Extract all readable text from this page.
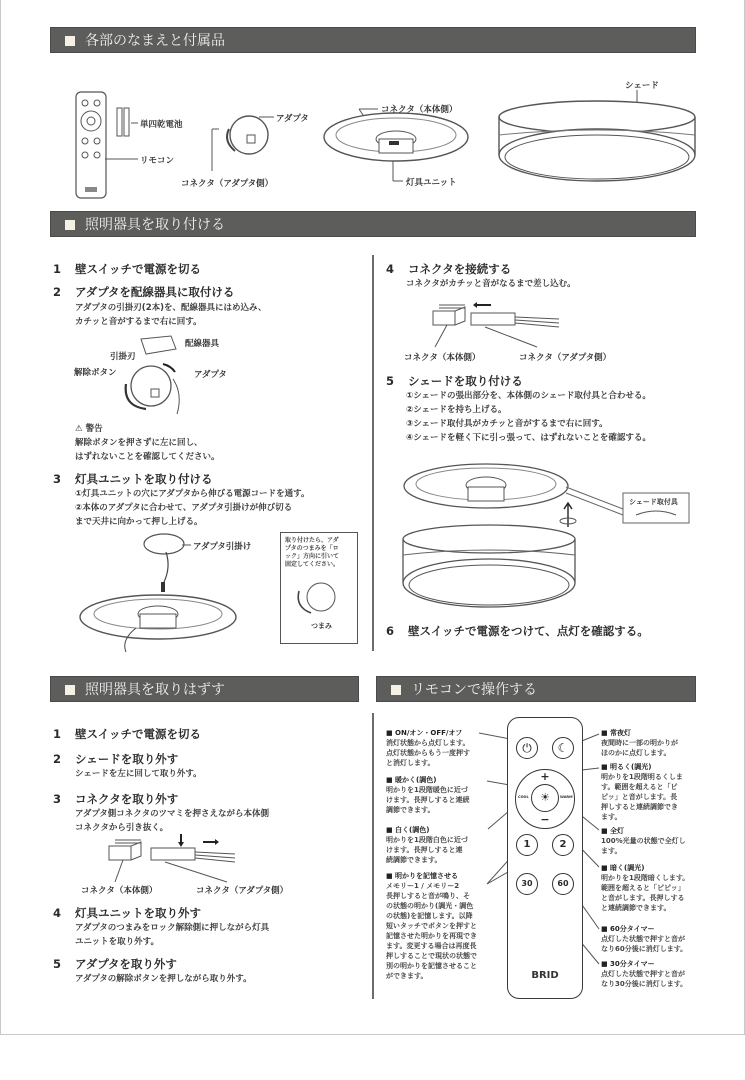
各部のなまえと付属品
単四乾電池
リモコン
アダプタ
コネクタ（アダプタ側）
コネクタ（本体側）
灯具ユニット
シェード
照明器具を取り付ける
1 壁スイッチで電源を切る
2 アダプタを配線器具に取付ける
アダプタの引掛刃(2本)を、配線器具にはめ込み、
カチッと音がするまで右に回す。
配線器具
引掛刃
解除ボタン	アダプタ
⚠ 警告
解除ボタンを押さずに左に回し、
はずれないことを確認してください。
3 灯具ユニットを取り付ける
①灯具ユニットの穴にアダプタから伸びる電源コードを通す。
②本体のアダプタに合わせて、アダプタ引掛けが伸び切る
まで天井に向かって押し上げる。
アダプタ引掛け
取り付けたら、アダ
プタのつまみを「ロ
ック」方向に引いて
固定してください。
つまみ
4 コネクタを接続する
コネクタがカチッと音がなるまで差し込む。
コネクタ（本体側）	コネクタ（アダプタ側）
5 シェードを取り付ける
①シェードの張出部分を、本体側のシェード取付具と合わせる。
②シェードを持ち上げる。
③シェード取付具がカチッと音がするまで右に回す。
④シェードを軽く下に引っ張って、はずれないことを確認する。
シェード取付具
6 壁スイッチで電源をつけて、点灯を確認する。
照明器具を取りはずす
1 壁スイッチで電源を切る
2 シェードを取り外す
シェードを左に回して取り外す。
3 コネクタを取り外す
アダプタ側コネクタのツマミを押さえながら本体側
コネクタから引き抜く。
コネクタ（本体側）	コネクタ（アダプタ側）
4 灯具ユニットを取り外す
アダプタのつまみをロック解除側に押しながら灯具
ユニットを取り外す。
5 アダプタを取り外す
アダプタの解除ボタンを押しながら取り外す。
リモコンで操作する
■ ON/オン・OFF/オフ
消灯状態から点灯します。
点灯状態からもう一度押す
と消灯します。
■ 暖かく(調色)
明かりを1段階暖色に近づ
けます。長押しすると連続
調節できます。
■ 白く(調色)
明かりを1段階白色に近づ
けます。長押しすると連
続調節できます。
■ 明かりを記憶させる
メモリー1 / メモリー2
長押しすると音が鳴り、そ
の状態の明かり(調光・調色
の状態)を記憶します。以降
短いタッチでボタンを押すと
記憶させた明かりを再現でき
ます。変更する場合は再度長
押しすることで現状の状態で
別の明かりを記憶させること
ができます。
■ 常夜灯
夜間時に一部の明かりが
ほのかに点灯します。
■ 明るく(調光)
明かりを1段階明るくしま
す。範囲を超えると「ピ
ピッ」と音がします。長
押しすると連続調節でき
ます。
■ 全灯
100%光量の状態で全灯し
ます。
■ 暗く(調光)
明かりを1段階暗くします。
範囲を超えると「ピピッ」
と音がします。長押しする
と連続調節できます。
■ 60分タイマー
点灯した状態で押すと音が
なり60分後に消灯します。
■ 30分タイマー
点灯した状態で押すと音が
なり30分後に消灯します。
⏻	☾
+
−
COOL	WARM
☀
1	2
30	60
BRID
